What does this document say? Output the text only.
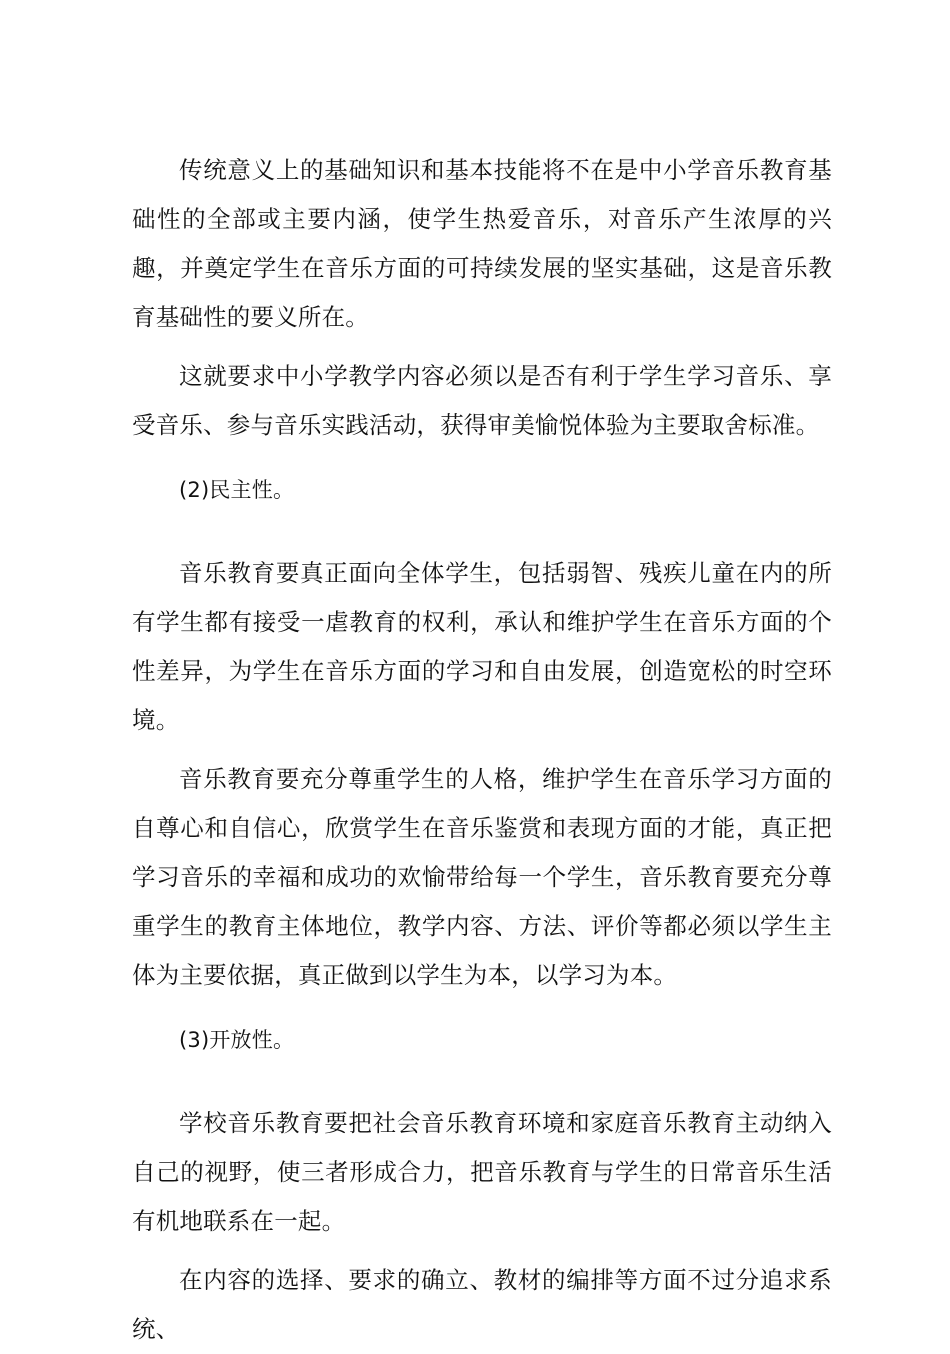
传统意义上的基础知识和基本技能将不在是中小学音乐教育基础性的全部或主要内涵，使学生热爱音乐，对音乐产生浓厚的兴趣，并奠定学生在音乐方面的可持续发展的坚实基础，这是音乐教育基础性的要义所在。

这就要求中小学教学内容必须以是否有利于学生学习音乐、享受音乐、参与音乐实践活动，获得审美愉悦体验为主要取舍标准。

(2)民主性。

音乐教育要真正面向全体学生，包括弱智、残疾儿童在内的所有学生都有接受一虐教育的权利，承认和维护学生在音乐方面的个性差异，为学生在音乐方面的学习和自由发展，创造宽松的时空环境。

音乐教育要充分尊重学生的人格，维护学生在音乐学习方面的自尊心和自信心，欣赏学生在音乐鉴赏和表现方面的才能，真正把学习音乐的幸福和成功的欢愉带给每一个学生，音乐教育要充分尊重学生的教育主体地位，教学内容、方法、评价等都必须以学生主体为主要依据，真正做到以学生为本，以学习为本。

(3)开放性。

学校音乐教育要把社会音乐教育环境和家庭音乐教育主动纳入自己的视野，使三者形成合力，把音乐教育与学生的日常音乐生活有机地联系在一起。

在内容的选择、要求的确立、教材的编排等方面不过分追求系统、
